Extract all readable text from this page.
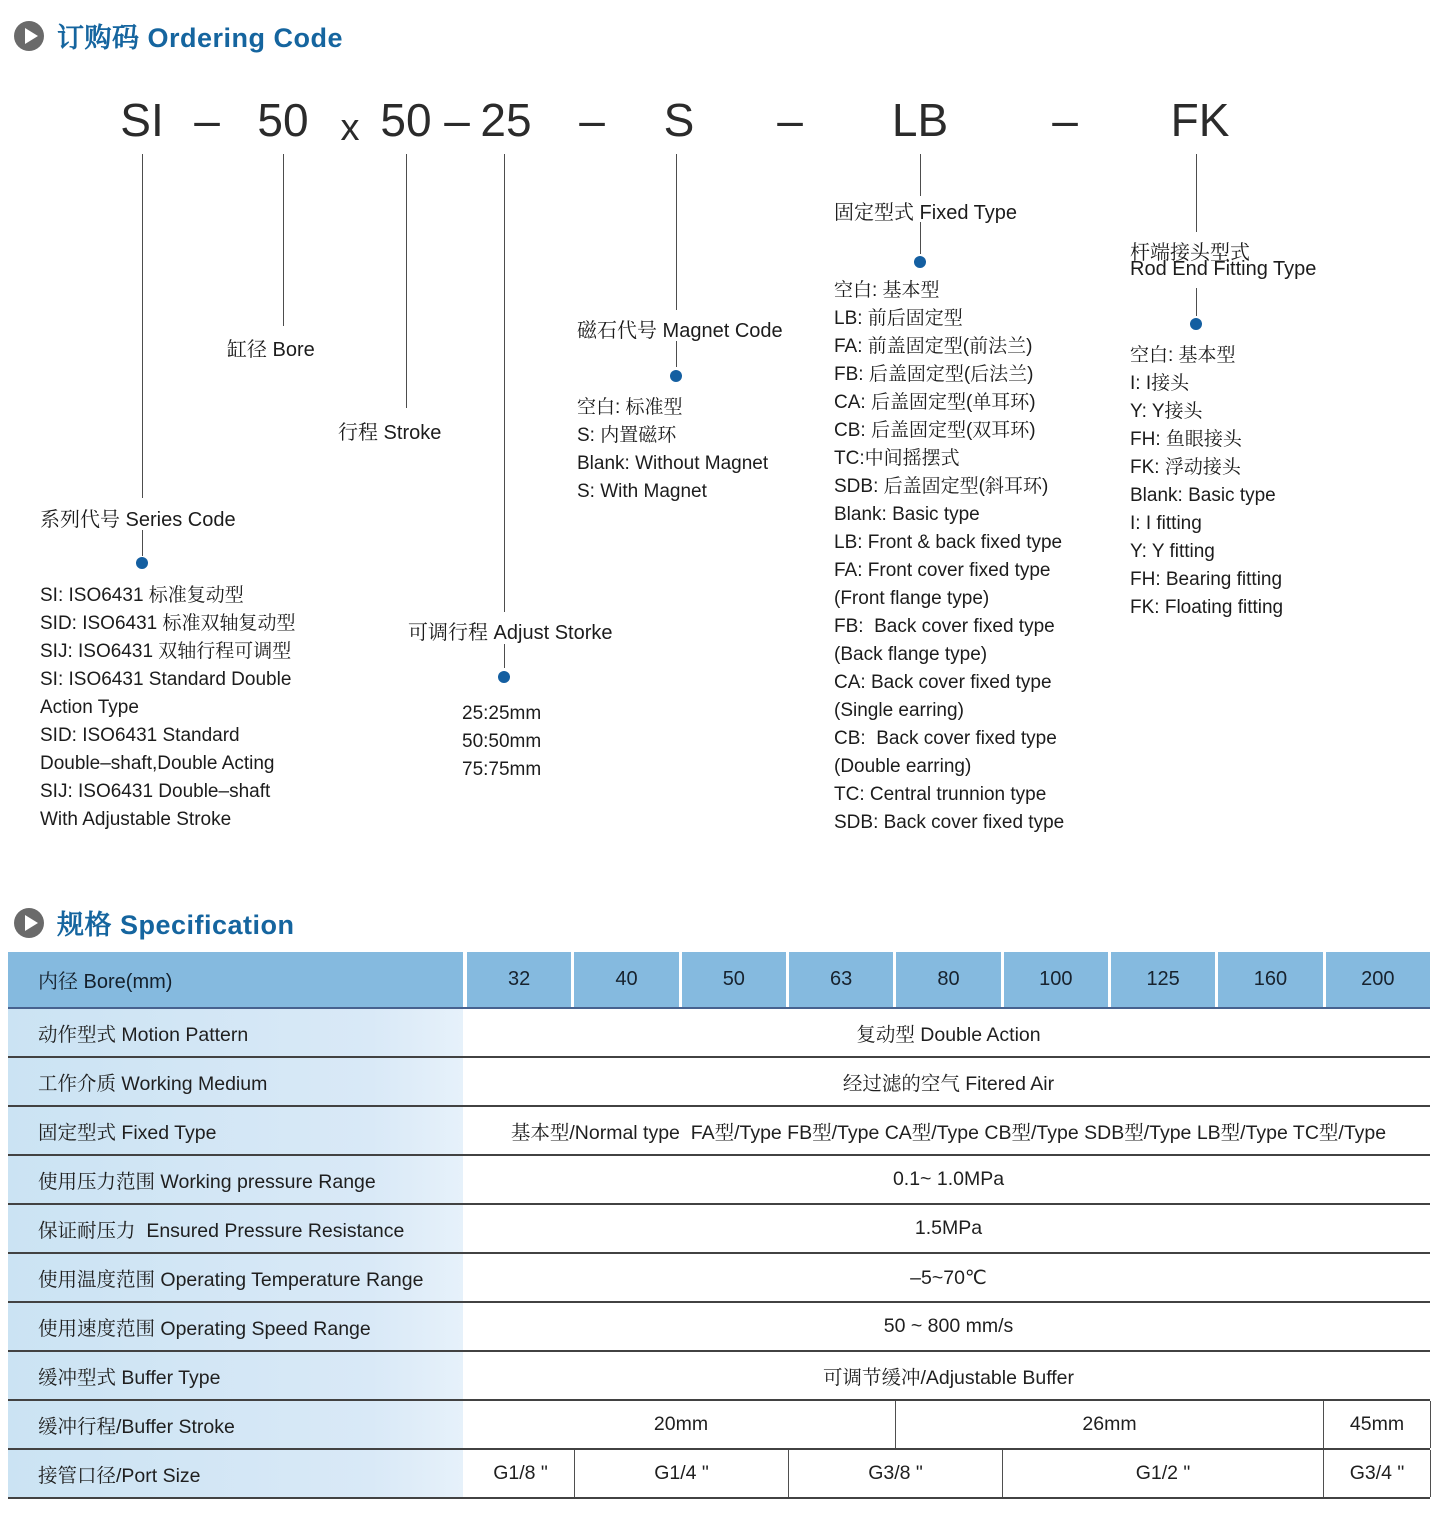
订购码 Ordering Code
SI – 50 x 50 – 25 – S – LB – FK
系列代号 Series Code
缸径 Bore
行程 Stroke
可调行程 Adjust Storke
磁石代号 Magnet Code
固定型式 Fixed Type
杆端接头型式
Rod End Fitting Type
SI: ISO6431 标准复动型
SID: ISO6431 标准双轴复动型
SIJ: ISO6431 双轴行程可调型
SI: ISO6431 Standard Double
Action Type
SID: ISO6431 Standard
Double–shaft,Double Acting
SIJ: ISO6431 Double–shaft
With Adjustable Stroke
25:25mm
50:50mm
75:75mm
空白: 标准型
S: 内置磁环
Blank: Without Magnet
S: With Magnet
空白: 基本型
LB: 前后固定型
FA: 前盖固定型(前法兰)
FB: 后盖固定型(后法兰)
CA: 后盖固定型(单耳环)
CB: 后盖固定型(双耳环)
TC:中间摇摆式
SDB: 后盖固定型(斜耳环)
Blank: Basic type
LB: Front & back fixed type
FA: Front cover fixed type
(Front flange type)
FB:  Back cover fixed type
(Back flange type)
CA: Back cover fixed type
(Single earring)
CB:  Back cover fixed type
(Double earring)
TC: Central trunnion type
SDB: Back cover fixed type
空白: 基本型
I: I接头
Y: Y接头
FH: 鱼眼接头
FK: 浮动接头
Blank: Basic type
I: I fitting
Y: Y fitting
FH: Bearing fitting
FK: Floating fitting
规格 Specification
内径 Bore(mm)	32	40	50	63	80	100	125	160	200
动作型式 Motion Pattern	复动型 Double Action
工作介质 Working Medium	经过滤的空气 Fitered Air
固定型式 Fixed Type	基本型/Normal type  FA型/Type FB型/Type CA型/Type CB型/Type SDB型/Type LB型/Type TC型/Type
使用压力范围 Working pressure Range	0.1~ 1.0MPa
保证耐压力  Ensured Pressure Resistance	1.5MPa
使用温度范围 Operating Temperature Range	–5~70℃
使用速度范围 Operating Speed Range	50 ~ 800 mm/s
缓冲型式 Buffer Type	可调节缓冲/Adjustable Buffer
缓冲行程/Buffer Stroke	20mm	26mm	45mm
接管口径/Port Size	G1/8 "	G1/4 "	G3/8 "	G1/2 "	G3/4 "
